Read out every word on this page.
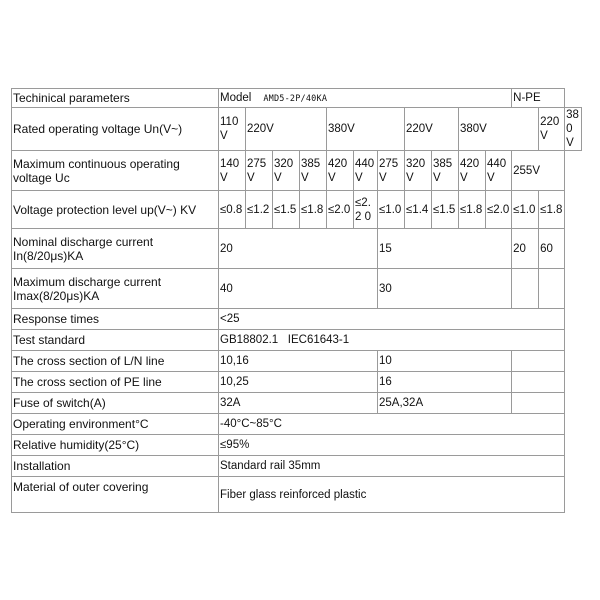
Techinical parameters	Model AMD5-2P/40KA											N-PE		
Rated operating voltage Un(V~)	110 V	220V			380V			220V		380V			220 V	380 V
Maximum continuous operating voltage Uc	140 V	275 V	320 V	385 V	420 V	440 V	275 V	320 V	385 V	420 V	440 V	255V		
Voltage protection level up(V~) KV	≤0.8	≤1.2	≤1.5	≤1.8	≤2.0	≤2.2 0	≤1.0	≤1.4	≤1.5	≤1.8	≤2.0	≤1.0	≤1.8	
Nominal discharge current In(8/20μs)KA	20						15					20	60	
Maximum discharge current Imax(8/20μs)KA	40						30							
Response times	<25													
Test standard	GB18802.1   IEC61643-1													
The cross section of L/N line	10,16						10							
The cross section of PE line	10,25						16							
Fuse of switch(A)	32A						25A,32A							
Operating environment°C	-40°C~85°C													
Relative humidity(25°C)	≤95%													
Installation	Standard rail 35mm													
Material of outer covering	Fiber glass reinforced plastic													
